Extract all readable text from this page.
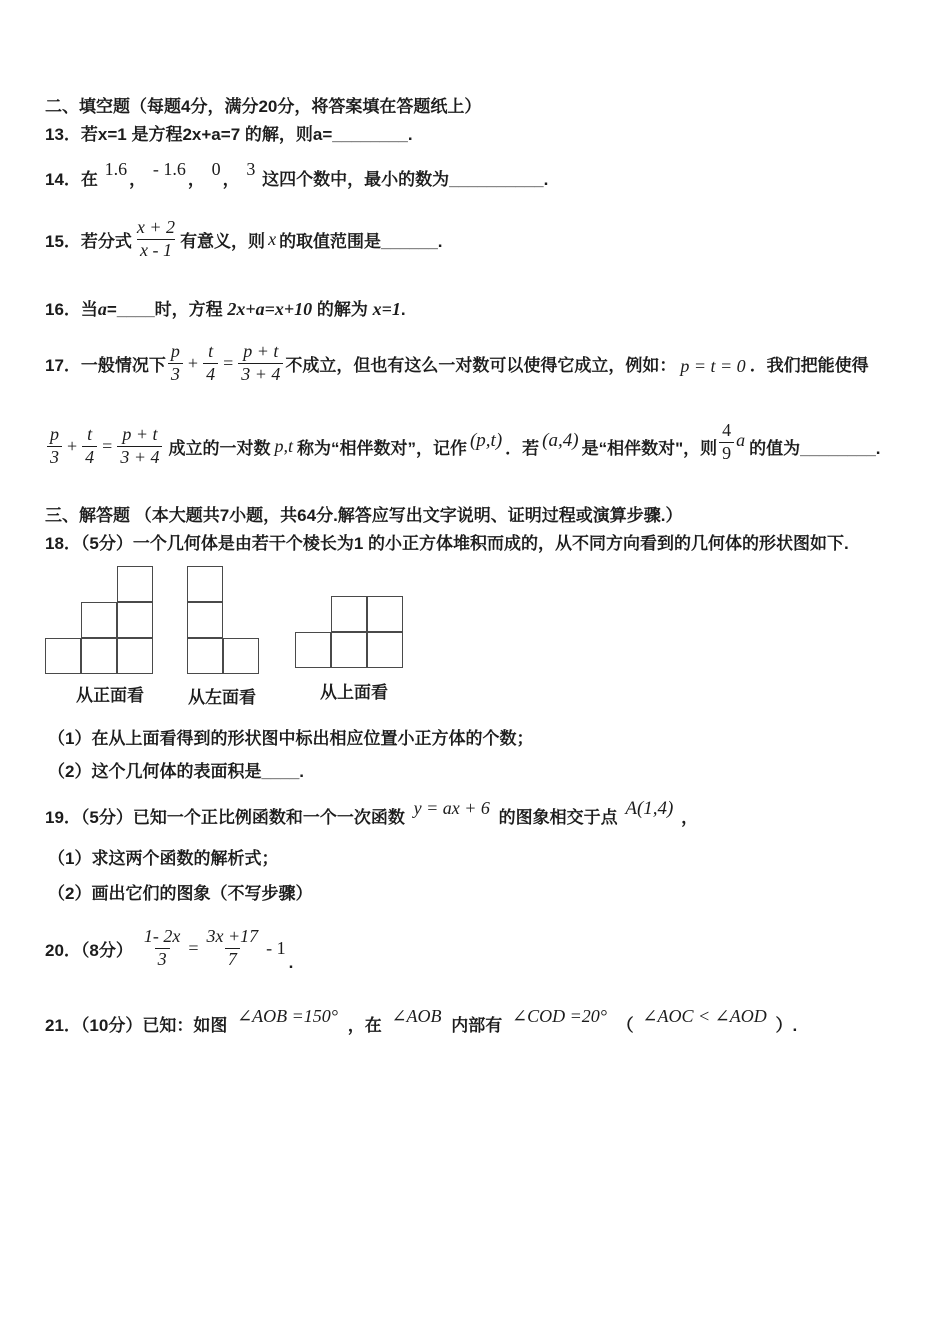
二、填空题（每题4分，满分20分，将答案填在答题纸上）
13．若x=1 是方程2x+a=7 的解，则a=________.
14．在 1.6， - 1.6， 0， 3 这四个数中，最小的数为__________.
15．若分式 $\frac{x + 2}{x - 1}$ 有意义，则 x 的取值范围是______.
16．当a=____时，方程 2x+a=x+10 的解为 x=1.
17．一般情况下 $\frac{p}{3} + \frac{t}{4} = \frac{p + t}{3 + 4}$ 不成立，但也有这么一对数可以使得它成立，例如： p = t = 0 ．我们把能使得
$\frac{p}{3} + \frac{t}{4} = \frac{p + t}{3 + 4}$ 成立的一对数 p,t 称为“相伴数对”，记作 (p,t) ．若 (a,4) 是“相伴数对"，则 $\frac{4}{9}$ a 的值为________.
三、解答题 （本大题共7小题，共64分.解答应写出文字说明、证明过程或演算步骤.）
18．（5分）一个几何体是由若干个棱长为1 的小正方体堆积而成的，从不同方向看到的几何体的形状图如下.
从正面看	从左面看	从上面看
（1）在从上面看得到的形状图中标出相应位置小正方体的个数；
（2）这个几何体的表面积是____.
19．（5分）已知一个正比例函数和一个一次函数 y = ax + 6 的图象相交于点 A(1,4) ，
（1）求这两个函数的解析式；
（2）画出它们的图象（不写步骤）
20．（8分） $\frac{1- 2x}{3} = \frac{3x +17}{7} - 1$
.
21．（10分）已知：如图 ∠AOB =150° ，在 ∠AOB 内部有 ∠COD =20° （ ∠AOC < ∠AOD ）.
